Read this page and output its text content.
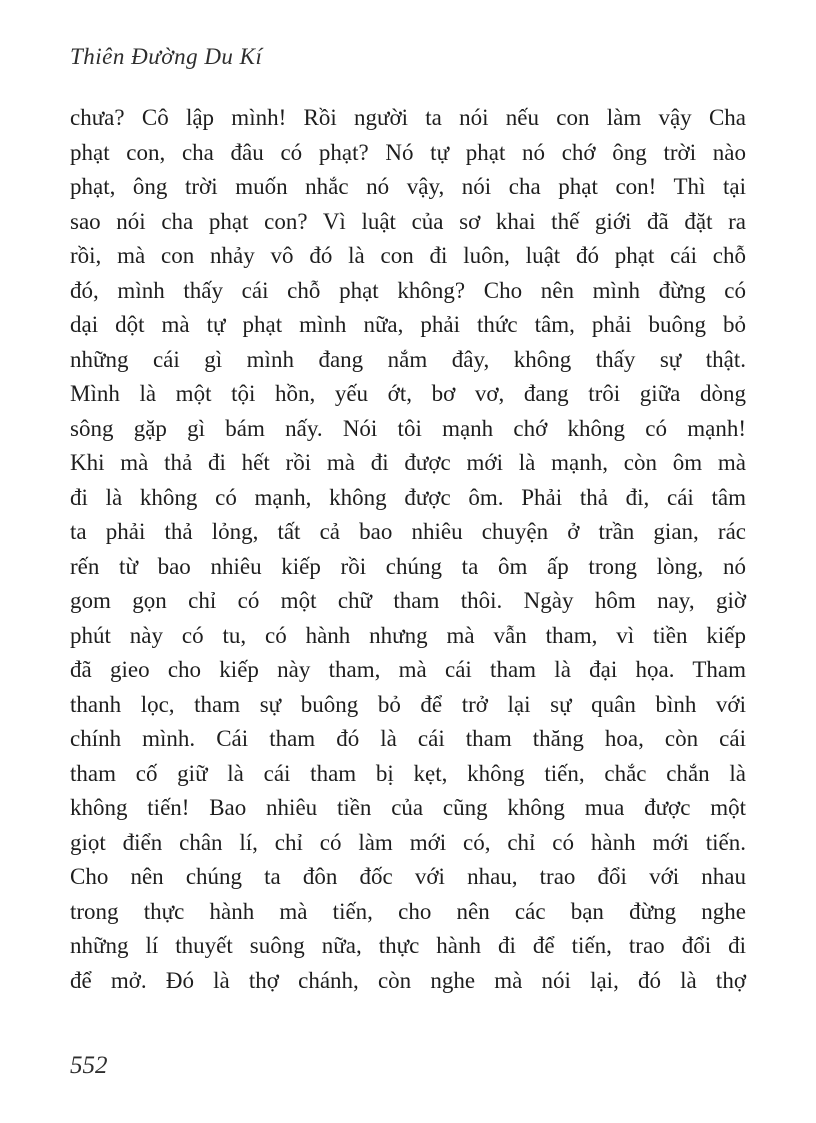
Thiên Đường Du Kí
chưa? Cô lập mình! Rồi người ta nói nếu con làm vậy Cha
phạt con, cha đâu có phạt? Nó tự phạt nó chớ ông trời nào
phạt, ông trời muốn nhắc nó vậy, nói cha phạt con! Thì tại
sao nói cha phạt con? Vì luật của sơ khai thế giới đã đặt ra
rồi, mà con nhảy vô đó là con đi luôn, luật đó phạt cái chỗ
đó, mình thấy cái chỗ phạt không? Cho nên mình đừng có
dại dột mà tự phạt mình nữa, phải thức tâm, phải buông bỏ
những cái gì mình đang nắm đây, không thấy sự thật.
Mình là một tội hồn, yếu ớt, bơ vơ, đang trôi giữa dòng
sông gặp gì bám nấy. Nói tôi mạnh chớ không có mạnh!
Khi mà thả đi hết rồi mà đi được mới là mạnh, còn ôm mà
đi là không có mạnh, không được ôm. Phải thả đi, cái tâm
ta phải thả lỏng, tất cả bao nhiêu chuyện ở trần gian, rác
rến từ bao nhiêu kiếp rồi chúng ta ôm ấp trong lòng, nó
gom gọn chỉ có một chữ tham thôi. Ngày hôm nay, giờ
phút này có tu, có hành nhưng mà vẫn tham, vì tiền kiếp
đã gieo cho kiếp này tham, mà cái tham là đại họa. Tham
thanh lọc, tham sự buông bỏ để trở lại sự quân bình với
chính mình. Cái tham đó là cái tham thăng hoa, còn cái
tham cố giữ là cái tham bị kẹt, không tiến, chắc chắn là
không tiến! Bao nhiêu tiền của cũng không mua được một
giọt điển chân lí, chỉ có làm mới có, chỉ có hành mới tiến.
Cho nên chúng ta đôn đốc với nhau, trao đổi với nhau
trong thực hành mà tiến, cho nên các bạn đừng nghe
những lí thuyết suông nữa, thực hành đi để tiến, trao đổi đi
để mở. Đó là thợ chánh, còn nghe mà nói lại, đó là thợ
552
